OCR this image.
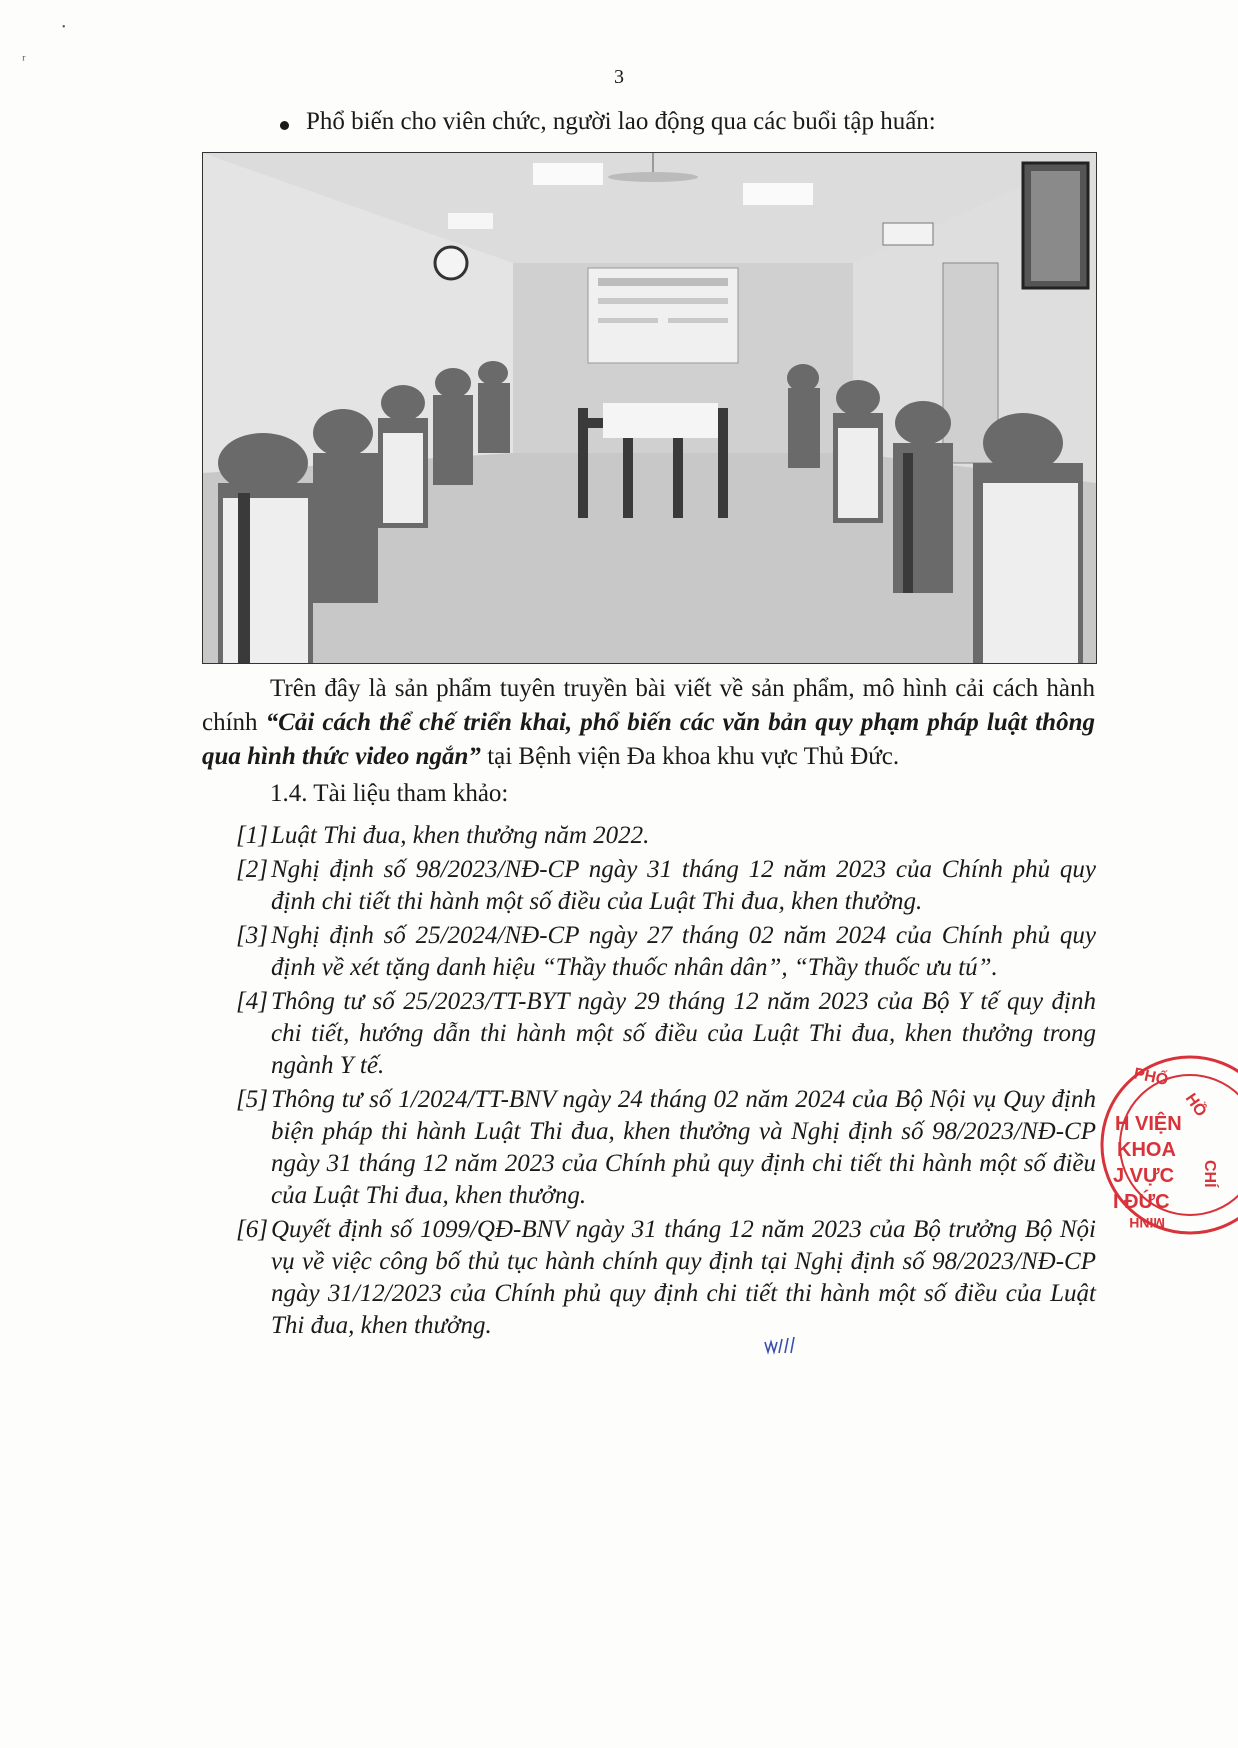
3
Phổ biến cho viên chức, người lao động qua các buổi tập huấn:
Trên đây là sản phẩm tuyên truyền bài viết về sản phẩm, mô hình cải cách hành chính “Cải cách thể chế triển khai, phổ biến các văn bản quy phạm pháp luật thông qua hình thức video ngắn” tại Bệnh viện Đa khoa khu vực Thủ Đức.
1.4. Tài liệu tham khảo:
[1] Luật Thi đua, khen thưởng năm 2022.
[2] Nghị định số 98/2023/NĐ-CP ngày 31 tháng 12 năm 2023 của Chính phủ quy định chi tiết thi hành một số điều của Luật Thi đua, khen thưởng.
[3] Nghị định số 25/2024/NĐ-CP ngày 27 tháng 02 năm 2024 của Chính phủ quy định về xét tặng danh hiệu “Thầy thuốc nhân dân”, “Thầy thuốc ưu tú”.
[4] Thông tư số 25/2023/TT-BYT ngày 29 tháng 12 năm 2023 của Bộ Y tế quy định chi tiết, hướng dẫn thi hành một số điều của Luật Thi đua, khen thưởng trong ngành Y tế.
[5] Thông tư số 1/2024/TT-BNV ngày 24 tháng 02 năm 2024 của Bộ Nội vụ Quy định biện pháp thi hành Luật Thi đua, khen thưởng và Nghị định số 98/2023/NĐ-CP ngày 31 tháng 12 năm 2023 của Chính phủ quy định chi tiết thi hành một số điều của Luật Thi đua, khen thưởng.
[6] Quyết định số 1099/QĐ-BNV ngày 31 tháng 12 năm 2023 của Bộ trưởng Bộ Nội vụ về việc công bố thủ tục hành chính quy định tại Nghị định số 98/2023/NĐ-CP ngày 31/12/2023 của Chính phủ quy định chi tiết thi hành một số điều của Luật Thi đua, khen thưởng.
PHỐ
HỒ
CHÍ
H VIỆN
KHOA
J VỰC
I ĐỨC
MINH
ᵣ
•
